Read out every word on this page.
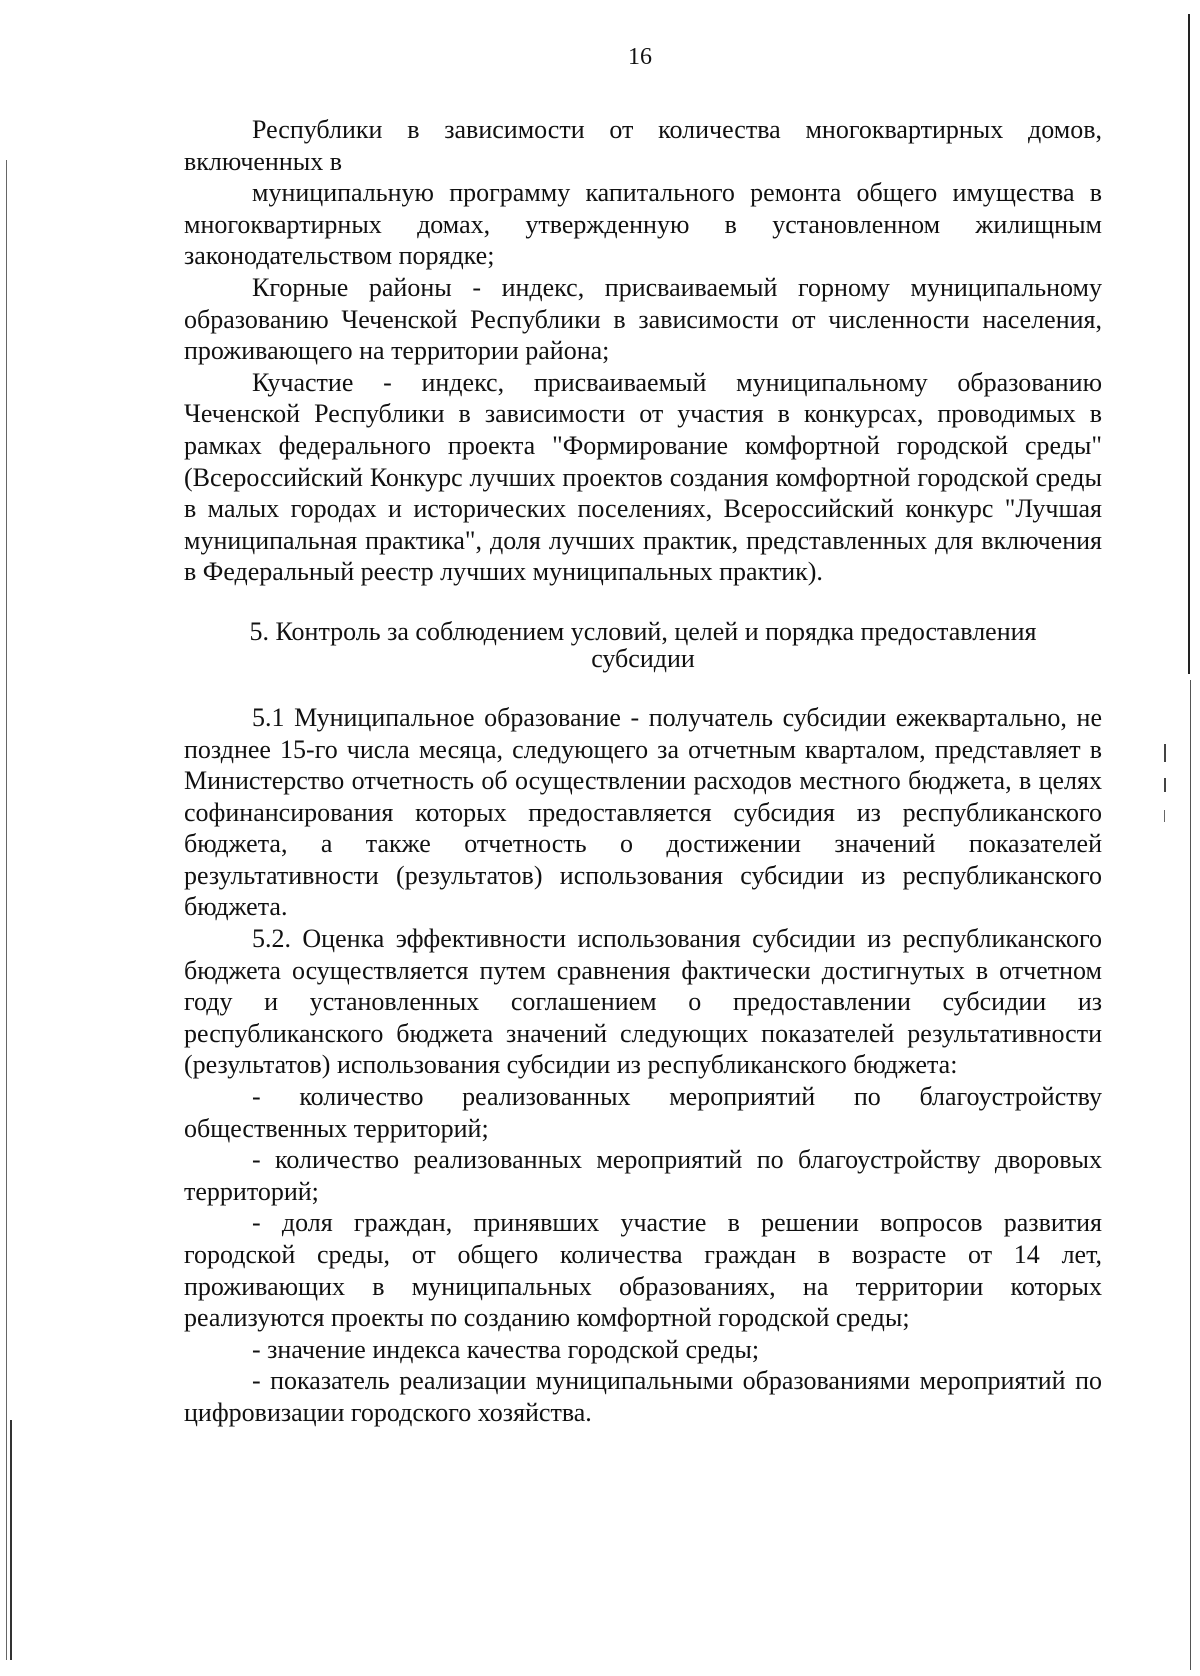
16

Республики в зависимости от количества многоквартирных домов,

включенных в

муниципальную программу капитального ремонта общего имущества в многоквартирных домах, утвержденную в установленном жилищным законодательством порядке;

Кгорные районы - индекс, присваиваемый горному муниципальному образованию Чеченской Республики в зависимости от численности населения, проживающего на территории района;

Кучастие - индекс, присваиваемый муниципальному образованию Чеченской Республики в зависимости от участия в конкурсах, проводимых в рамках федерального проекта "Формирование комфортной городской среды" (Всероссийский Конкурс лучших проектов создания комфортной городской среды в малых городах и исторических поселениях, Всероссийский конкурс "Лучшая муниципальная практика", доля лучших практик, представленных для включения в Федеральный реестр лучших муниципальных практик).

5. Контроль за соблюдением условий, целей и порядка предоставления
субсидии

5.1 Муниципальное образование - получатель субсидии ежеквартально, не позднее 15-го числа месяца, следующего за отчетным кварталом, представляет в Министерство отчетность об осуществлении расходов местного бюджета, в целях софинансирования которых предоставляется субсидия из республиканского бюджета, а также отчетность о достижении значений показателей результативности (результатов) использования субсидии из республиканского бюджета.

5.2. Оценка эффективности использования субсидии из республиканского бюджета осуществляется путем сравнения фактически достигнутых в отчетном году и установленных соглашением о предоставлении субсидии из республиканского бюджета значений следующих показателей результативности (результатов) использования субсидии из республиканского бюджета:

- количество реализованных мероприятий по благоустройству общественных территорий;

- количество реализованных мероприятий по благоустройству дворовых территорий;

- доля граждан, принявших участие в решении вопросов развития городской среды, от общего количества граждан в возрасте от 14 лет, проживающих в муниципальных образованиях, на территории которых реализуются проекты по созданию комфортной городской среды;

- значение индекса качества городской среды;

- показатель реализации муниципальными образованиями мероприятий по цифровизации городского хозяйства.
